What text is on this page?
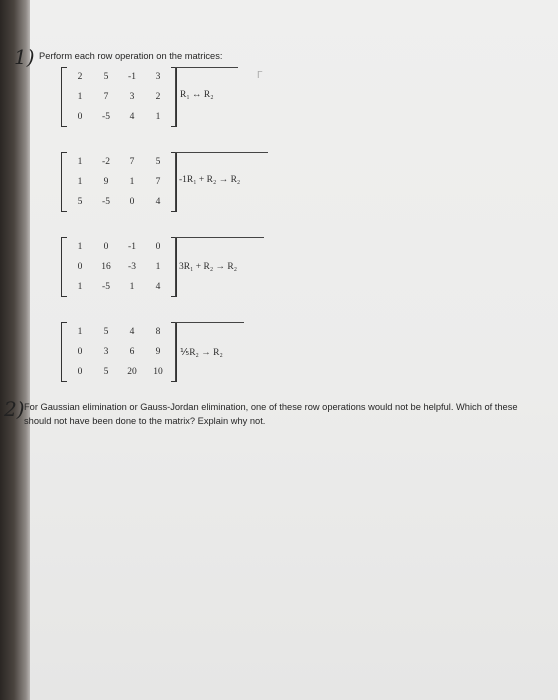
1) Perform each row operation on the matrices:
2 5 -1 3
1 7 3 2
0 -5 4 1
R₁ ↔ R₂
Γ
1 -2 7 5
1 9 1 7
5 -5 0 4
-1R₁ + R₂ → R₂
1 0 -1 0
0 16 -3 1
1 -5 1 4
3R₁ + R₂ → R₂
1 5 4 8
0 3 6 9
0 5 20 10
⅕R₂ → R₂
2) For Gaussian elimination or Gauss-Jordan elimination, one of these row operations would not be helpful. Which of these should not have been done to the matrix? Explain why not.
